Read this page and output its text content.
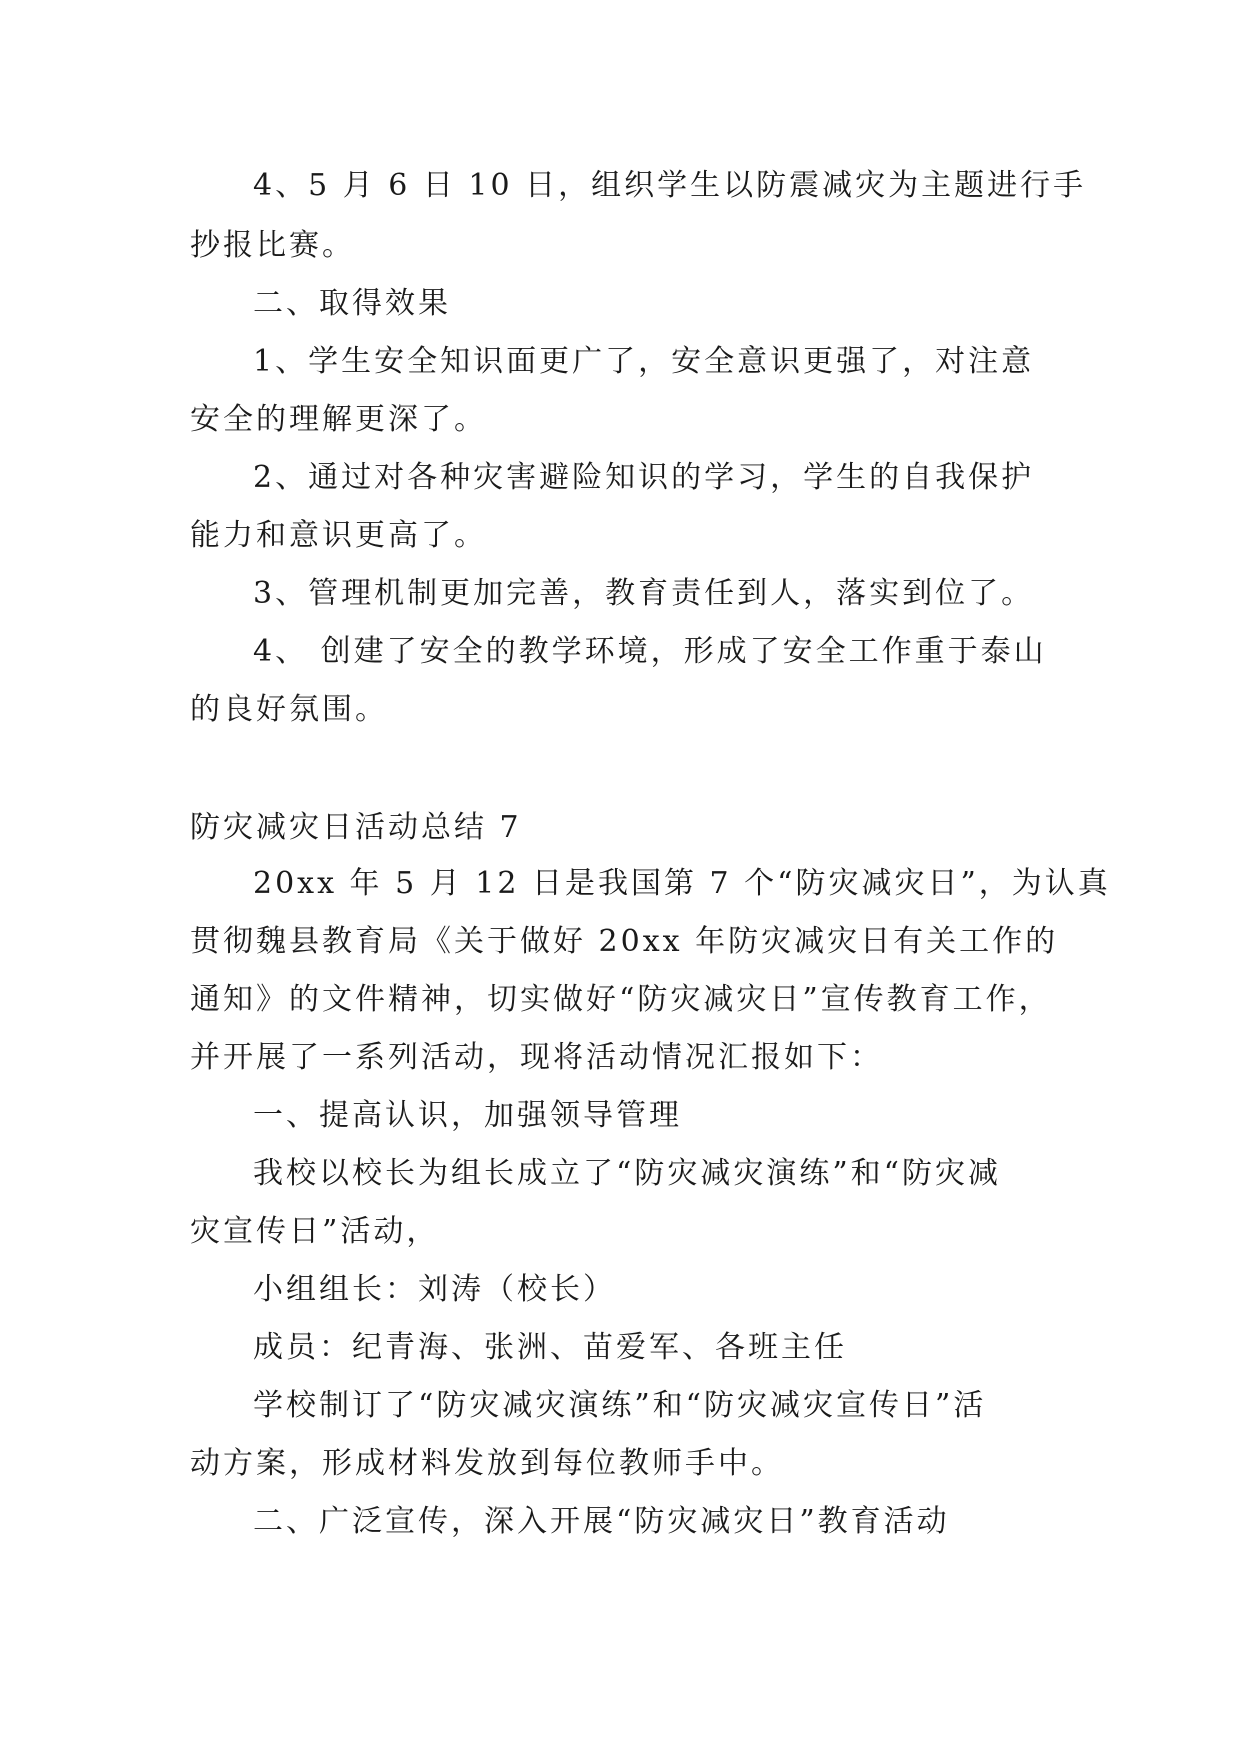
4、5 月 6 日 10 日，组织学生以防震减灾为主题进行手
抄报比赛。
二、取得效果
1、学生安全知识面更广了，安全意识更强了，对注意
安全的理解更深了。
2、通过对各种灾害避险知识的学习，学生的自我保护
能力和意识更高了。
3、管理机制更加完善，教育责任到人，落实到位了。
4、 创建了安全的教学环境，形成了安全工作重于泰山
的良好氛围。
防灾减灾日活动总结 7
20xx 年 5 月 12 日是我国第 7 个“防灾减灾日”，为认真
贯彻魏县教育局《关于做好 20xx 年防灾减灾日有关工作的
通知》的文件精神，切实做好“防灾减灾日”宣传教育工作，
并开展了一系列活动，现将活动情况汇报如下：
一、提高认识，加强领导管理
我校以校长为组长成立了“防灾减灾演练”和“防灾减
灾宣传日”活动，
小组组长：刘涛（校长）
成员：纪青海、张洲、苗爱军、各班主任
学校制订了“防灾减灾演练”和“防灾减灾宣传日”活
动方案，形成材料发放到每位教师手中。
二、广泛宣传，深入开展“防灾减灾日”教育活动
